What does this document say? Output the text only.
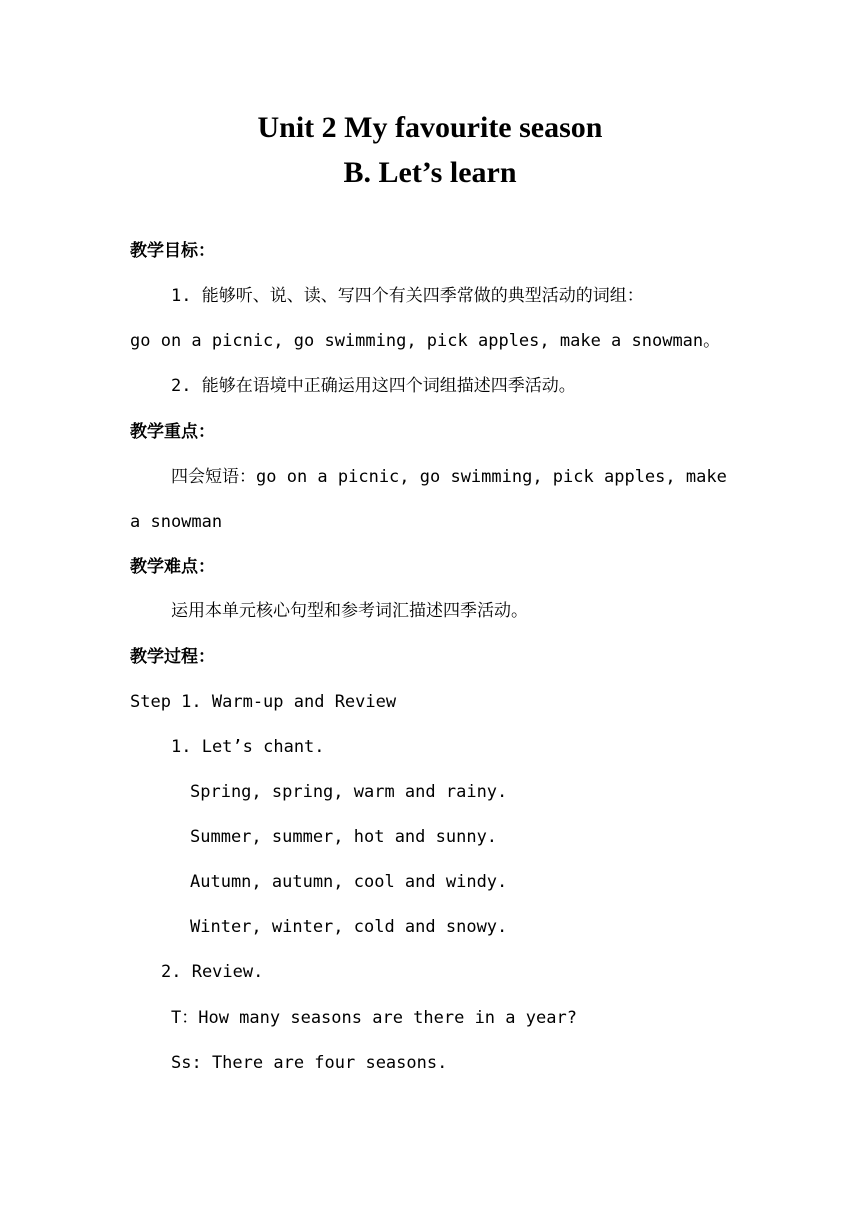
Unit 2 My favourite season
B. Let’s learn
教学目标：
1. 能够听、说、读、写四个有关四季常做的典型活动的词组：
go on a picnic, go swimming, pick apples, make a snowman。
2. 能够在语境中正确运用这四个词组描述四季活动。
教学重点：
四会短语：go on a picnic, go swimming, pick apples, make
a snowman
教学难点：
运用本单元核心句型和参考词汇描述四季活动。
教学过程：
Step 1. Warm-up and Review
1. Let’s chant.
Spring, spring, warm and rainy.
Summer, summer, hot and sunny.
Autumn, autumn, cool and windy.
Winter, winter, cold and snowy.
2. Review.
T：How many seasons are there in a year?
Ss: There are four seasons.
